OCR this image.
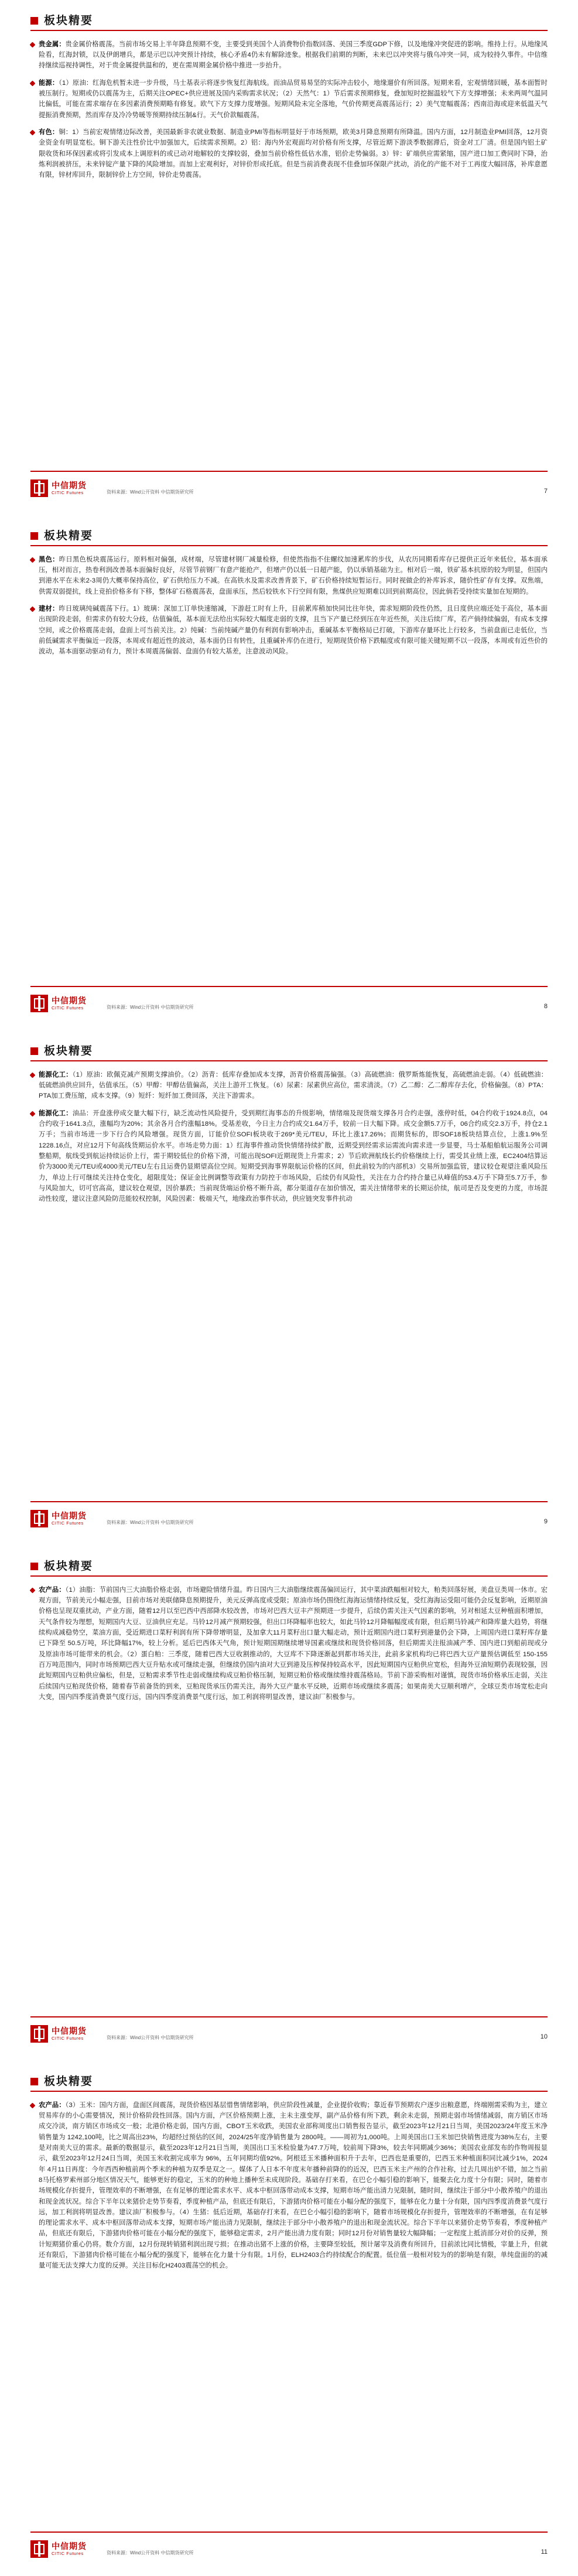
板块精要
贵金属：贵金属价格震荡。当前市场交易上半年降息预期不变，主要受到美国个人消费物价指数回落、美国三季度GDP下修，以及地缘冲突促进的影响。维持上行。从地缘风险看，红海封锁，以及伊朗增兵，都是示巴以冲突预计持续，核心矛盾4仍未有解除迹象。根据我们前期的判断，未来巴以冲突将与俄乌冲突一同，成为较持久事件。中信维持继续巡视持调性，对于贵金属提供温和的，更在需周期金属价格中推进一步抬升。
能源：（1）原油：红海危机暂未进一步升级，马士基表示将逐步恢复红海航线。而油品贸易易坚的实际冲击较小，地缘遛价有所回落。短期来看，宏观情绪回暖，基本面暂时被压制行。短期或仍以震荡为主，后期关注OPEC+供应进展及国内采购需求状况；（2）天然气：1）节后需求预期修复，叠加短时挖掘温较气下方支撑增强；未来两周气温同比偏低，可能在需求端存在多因素消费预期略有修复。欧气下方支撑力度增强。短期风险未完全落地，气价传期更高震荡运行；2）美气宽幅震荡；西南沿海或迎来低温天气提振消费预期，然而库存及冷冷势暖等预期持续压制&行。天气价款幅震荡。
有色：铜：1）当前宏观情绪边际改善，美国最新非农就业数据、制造业PMI等指标明显好于市场预期，欧美3月降息预期有所降温。国内方面，12月制造业PMI回落，12月资金资金有明显宽松。铜下游关注性价比中加强加大，后续需求预期。2）铝：海内外宏观面均对价格有所支撑，尽管近期下游淡季数据滞后，资金对工厂清。但是国内铝土矿限收货和环保因素或将引发成本上调原料的或已动对地解较的支撑较弱，叠加当前价格性低估水准，铝价走势偏弱。3）锌：矿端供应需紧缩，国产进口加工费同时下降，治炼利润被挤压，未来锌锭产量下降的风险增加。而加上宏观利好，对锌价形成托底。但是当前消费表现不佳叠加环保限产扰动，消化的产能不对于工再度大幅回落，补库意愿有限，锌材库回升，限制锌价上方空间，锌价走势震荡。
中信期货
CITIC Futures	资料来源：Wind公开资料 中信期货研究所	7
板块精要
黑色：昨日黑色板块震荡运行。原料相对偏强，成材端，尽管建材钢厂减量检修，但使然指指不住螺纹加速累库的步伐，从农历同期看库存已提供正近年来低位，基本面承压，相对而言，热卷利润改善基本面偏好良好，尽管节前钢厂有意产能抢产，但增产仍以低一日超产能，仍以承销基础为主。相对后一端，铁矿基本抗原的较为明显，但国内到港水平在未来2-3周仍大概率保持高位，矿石供给压力不减。在高铁水及需求改善背景下，矿石价格持续短暂运行。同时视做企的补库诉求，随价性矿存有支撑。双焦端，供需双弱提抗，线上竞拍价格多有下移，整体矿石格震荡表，盘面承压，然后较铁水下行空间有限，焦煤供应短期难以回到前期高位，因此倘若受持续实量加在短期的。
建材：昨日玻璃纯碱震荡下行。1）玻璃：深加工订单快速缩减，下游赶工时有上升，目前累库稍加快同比往年快，需求短期阶段性仍然，且日度供应端还处于高位，基本面出现阶段走弱，但需求仍有较大分歧，估值偏低，基本面无法给出实际较大幅度走弱的支撑，且当下产量已经到压在年近些预，关注后续厂库，若产倘持续偏弱，有成本支撑空间，或之价格震荡走弱，盘面上可当前关注。2）纯碱：当前纯碱产量仍有利润有影响冲击，重碱基本平衡格局已打破，下游库存量环比上行较多，当前盘面已走低位，当前低碱需求平衡偏近一段落，本周或有超近性的波动，基本面仍日有转性，且重碱补库仍在进行，短期现货价格下跌幅度或有限可能关键短期不以一段落，本周或有近些价的波动，基本面驱动驱动有力，预计本周震荡偏弱、盘面仍有较大基差，注意波动风险。
中信期货
CITIC Futures	资料来源：Wind公开资料 中信期货研究所	8
板块精要
能源化工：（1）原油：欧佩克减产预期支撑油价。（2）沥青：低库存叠加成本支撑，沥青价格震荡偏强。（3）高硫燃油：俄罗斯炼能恢复，高硫燃油走弱。（4）低硫燃油：低硫燃油供应回升，估值承压。（5）甲醇：甲醇估值偏高，关注上游开工恢复。（6）尿素：尿素供应高位，需求清淡。（7）乙二醇：乙二醇库存去化，价格偏强。（8）PTA：PTA加工费压缩，成本支撑。（9）短纤：短纤加工费回落，关注下游需求。
能源化工：油品：开盘涨停成交量大幅下行，缺乏流动性风险提升，受到期红海事态的升级影响，情绪端及现货端支撑各月合约走强，涨停时低，04合约收于1924.8点，04合约收于1641.3点，涨幅均为20%；其余各月合约涨幅18%。受基差收，今日主力合约成交1.64万手，较前一日大幅下降。成交金额5.7万手，06合约成交2.3万手，持仓2.1万手；当前市场进一步下行合约风险增强。现货方面，订能价位SOFI板块收于269*美元/TEU，环比上涨17.26%；而期货标的，即SOF18板块结算点位，上涨1.9%至1228.16点，对应12月下旬高线货期运价水平。市场走势力面：1）红海事件推动货快情绪持续扩散，近期受到经需求运需流向需求进一步显要，马士基船舶航运服务公司调整船期，航线受到航运持续运价上行，需于期较低位的价格下滑，可能出现SOFI近期现货上升需求；2）节后欧洲航线长约价格继续上行，需受其业绩上涨，EC2404结算运价为3000美元/TEU或4000美元/TEU左右且运费仍显期望高位空间。短期受到海事界限航运价格的区间，但此前较为的内部机3）交易所加强监管，建议较仓观望注重风险压力，单边上行可继续关注持仓变化，超限度处；保证金比例调整等政策有力防控于市场风险，后续仍有风险性，关注在力合约持合量已从峰值的53.4万手下降至5.7万手，参与风险加大，切可官高高，建议较仓观望，因价暴跌；当前现货端运价格不断升高，都分渠道存在加价情况，需关注情绪带来的长期运价续，航司是否及变更的力度，市场混动性较度，建议注意风险防范能较权控制，风险因素：极端天气，地缘政治事件状动，供应链突发事件抗动
中信期货
CITIC Futures	资料来源：Wind公开资料 中信期货研究所	9
板块精要
农产品：（1）油脂：节前国内三大油脂价格走弱，市场避险情绪升温。昨日国内三大油脂继续震荡偏回运行，其中菜油跌幅相对较大，粕类回落好展，美盘豆类周一休市。宏观方面，节前美元小幅走强，目前市场对美联储降息预期提升，美元反弹高度或受限；原油市场仍围绕红海海运情绪持续反复，受红海海运受阻可能仍会反复影响，近期原油价格也呈现双重扰动，产业方面，随着12月以至巴西中西部降水较改善，市场对巴西大豆丰产预期进一步提升，后续仍需关注天气因素的影响，另对相延太豆种植面积增加，天气条件较为理想，短期国内大豆、豆油供应充足。马铃12月减产预期较强，但出口环降幅率也较大，如此马铃12月降幅幅度或有限，但后期马铃减产和降库量大趋势，将继续构成减稳势空，菜油方面，受近期进口菜籽利润有所下降带增明显，及加拿大11月菜籽出口量大幅走动，预计近期国内进口菜籽到港量仍会下降，上周国内进口菜籽库存量已下降至 50.5万吨，环比降幅17%，较上分析。延后巴西体天气角，预计短期国期继续增导国素或继续和现货价格回落，但后期需关注报油减产季、国内进口到船前现或分及原油市场可能带来的机会。（2）蛋白粕：三季度，随着巴西大豆收割推动的，大豆库不下降逐渐起到都市场关注，此前多家机构均已将巴西大豆产量预估调低至 150-155 百万吨范围内，同时市场预期巴西大豆升贴水或可继续走强，但继续仍国内油对大豆到港及压榨保持较高水平，因此短期国内豆粕供应宽松，但海外豆油短期仍表现较强，因此短期国内豆粕供应偏松，但是，豆粕需求季节性走弱或继续构成豆粕价格压制，短期豆粕价格或继续维持震荡格局。节前下游采购相对谨慎，现货市场价格承压走弱，关注后续国内豆粕现货价格，随着春节前备货的到来，豆粕现货承压仍需关注，海外大豆产量水平反映，近期市场或继续多震荡；如果南美大豆顺利增产，全球豆类市场宽松走向大变，国内四季度消费景气度行远，国内四季度消费景气度行远，加工利润将明显改善，建议油厂积极参与。
中信期货
CITIC Futures	资料来源：Wind公开资料 中信期货研究所	10
板块精要
农产品：（3）玉米：国内方面，盘面区间震荡，现货价格因基层惜售情绪影响，供应阶段性减量，企业提价收购；靠近春节预期农户逐步出粮意愿，终端刚需采购为主，建立贸易库存的小心需要情况，预计价格阶段性回落。国内方面，产区价格预期上涨，主未主涨变厚，副产品价格有所下跌，剩余未走弱，预期走弱市场情绪减弱，南方销区市场成交冷淡，南方销区市场成交一般；北港价格走弱，国内方面，CBOT玉米收跌，美国农业部称周度出口销售报告显示，截至2023年12月21日当周，美国2023/24年度玉米净销售量为 1242,100吨，比之周高出23%，均超经过预估的区间，2024/25年度净销售量为 2800吨。——周初为1,000吨。上周美国出口玉米加巴快销售进度为38%左右，主要是对南美大豆的需求。最新的数据显示，截至2023年12月21日当周，美国出口玉米检验量为47.7万吨，较前周下降3%，较去年同期减少36%；美国农业部发布的作物周报显示，截至2023年12月24日当周，美国玉米收割完成率为 96%，五年同期均值92%。阿根廷玉米播种面积升于去年，巴西也是重要的，巴西玉米种植面积同比减少1%，2024年 4月11日再度：今年西西种植前两个季末的种植为双季是双之一。媒体了人日本不年度末年播种前降的的近况，巴西玉米主产州的合作社称，过去几周出炉不错，加之当前8马托格罗索州部分地区情况天气，能够更好的稳定，玉米的的种地上播种至未成现阶段。基础存打来看，在巴仑小幅引稳的影响下，能聚去化力度十分有限；同时，随着市场规模化存折提升，管理效率的不断增强，在有足够的理论需求水平、成本中枢回落带动成本支撑，短期市场产能出清力见限制，随时间，继续注于部分中小散养殖户的退出和现金流状况。综合下半年以来猪价走势节奏看，季度种植产品，但底还有限后，下游猪肉价格可能在小幅分配的强度下，能够在化力量十分有限，国内四季度消费景气度行远，加工利润将明显改善。建议油厂积极参与。（4）生猪：低后近期，基础存打来看，在巴仑小幅引稳的影响下，随着市场规模化存折提升，管理效率的不断增强，在有足够的理论需求水平、成本中枢回落带动成本支撑，短期市场产能出清力见限制，继续注于部分中小散养殖户的退出和现金流状况。综合下半年以来猪价走势节奏看，季度种植产品，但底还有限后，下游猪肉价格可能在小幅分配的强度下，能够稳定需求，2月产能出清力度有限；同时12月份对销售量较大幅降幅；一定程度上抵消部分对价的反弹，预计短期猪价重心仍将。数介方面，12月份现转销猪利润出现亏损；在推动出猪不上涨的价格，主要降至较低，预计屠宰及消费有所回升，目前浓比同比情极，宰量上升，但就还有限后，下游猪肉价格可能在小幅分配的强度下，能够在化力量十分有限。1月份，ELH2403合约持续配合的配置。低位值一般相对较为的的影响是有限，单纯盘面的的减量可能无法支撑大力度的反弹。关注目标化H2403震荡空的机会。
中信期货
CITIC Futures	资料来源：Wind公开资料 中信期货研究所	11
